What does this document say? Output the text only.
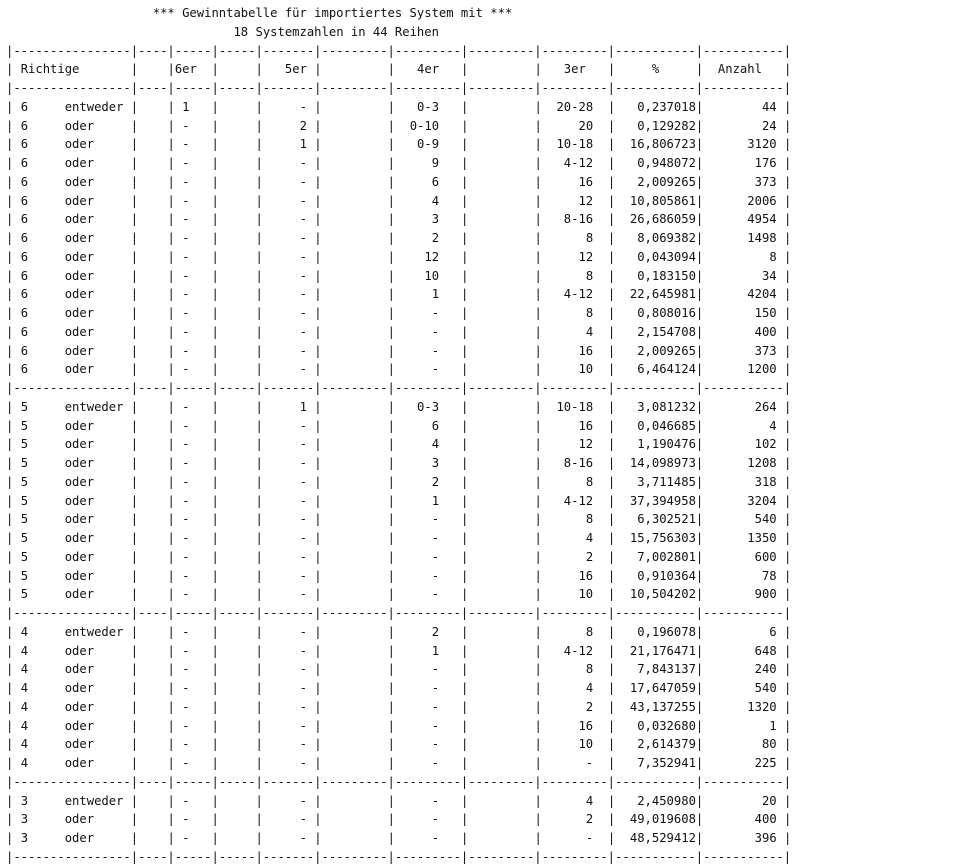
*** Gewinntabelle für importiertes System mit ***
18 Systemzahlen in 44 Reihen
|----------------|----|-----|-----|-------|---------|---------|---------|---------|-----------|-----------|
| Richtige	| |6er |	| 5er |	| 4er |	| 3er |	%	| Anzahl |
|----------------|----|-----|-----|-------|---------|---------|---------|---------|-----------|-----------|
| 6	entweder | | 1 |	|	- |	| 0-3 |	| 20-28 | 0,237018|	44 |
| 6	oder	| | - |	|	2 |	| 0-10 |	|	20 | 0,129282|	24 |
| 6	oder	| | - |	|	1 |	| 0-9 |	| 10-18 | 16,806723|	3120 |
| 6	oder	| | - |	|	- |	|	9 |	| 4-12 | 0,948072|	176 |
| 6	oder	| | - |	|	- |	|	6 |	|	16 | 2,009265|	373 |
| 6	oder	| | - |	|	- |	|	4 |	|	12 | 10,805861|	2006 |
| 6	oder	| | - |	|	- |	|	3 |	| 8-16 | 26,686059|	4954 |
| 6	oder	| | - |	|	- |	|	2 |	|	8 | 8,069382|	1498 |
| 6	oder	| | - |	|	- |	| 12 |	|	12 | 0,043094|	8 |
| 6	oder	| | - |	|	- |	| 10 |	|	8 | 0,183150|	34 |
| 6	oder	| | - |	|	- |	|	1 |	| 4-12 | 22,645981|	4204 |
| 6	oder	| | - |	|	- |	|	- |	|	8 | 0,808016|	150 |
| 6	oder	| | - |	|	- |	|	- |	|	4 | 2,154708|	400 |
| 6	oder	| | - |	|	- |	|	- |	|	16 | 2,009265|	373 |
| 6	oder	| | - |	|	- |	|	- |	|	10 | 6,464124|	1200 |
|----------------|----|-----|-----|-------|---------|---------|---------|---------|-----------|-----------|
| 5	entweder | | - |	|	1 |	| 0-3 |	| 10-18 | 3,081232|	264 |
| 5	oder	| | - |	|	- |	|	6 |	|	16 | 0,046685|	4 |
| 5	oder	| | - |	|	- |	|	4 |	|	12 | 1,190476|	102 |
| 5	oder	| | - |	|	- |	|	3 |	| 8-16 | 14,098973|	1208 |
| 5	oder	| | - |	|	- |	|	2 |	|	8 | 3,711485|	318 |
| 5	oder	| | - |	|	- |	|	1 |	| 4-12 | 37,394958|	3204 |
| 5	oder	| | - |	|	- |	|	- |	|	8 | 6,302521|	540 |
| 5	oder	| | - |	|	- |	|	- |	|	4 | 15,756303|	1350 |
| 5	oder	| | - |	|	- |	|	- |	|	2 | 7,002801|	600 |
| 5	oder	| | - |	|	- |	|	- |	|	16 | 0,910364|	78 |
| 5	oder	| | - |	|	- |	|	- |	|	10 | 10,504202|	900 |
|----------------|----|-----|-----|-------|---------|---------|---------|---------|-----------|-----------|
| 4	entweder | | - |	|	- |	|	2 |	|	8 | 0,196078|	6 |
| 4	oder	| | - |	|	- |	|	1 |	| 4-12 | 21,176471|	648 |
| 4	oder	| | - |	|	- |	|	- |	|	8 | 7,843137|	240 |
| 4	oder	| | - |	|	- |	|	- |	|	4 | 17,647059|	540 |
| 4	oder	| | - |	|	- |	|	- |	|	2 | 43,137255|	1320 |
| 4	oder	| | - |	|	- |	|	- |	|	16 | 0,032680|	1 |
| 4	oder	| | - |	|	- |	|	- |	|	10 | 2,614379|	80 |
| 4	oder	| | - |	|	- |	|	- |	|	- | 7,352941|	225 |
|----------------|----|-----|-----|-------|---------|---------|---------|---------|-----------|-----------|
| 3	entweder | | - |	|	- |	|	- |	|	4 | 2,450980|	20 |
| 3	oder	| | - |	|	- |	|	- |	|	2 | 49,019608|	400 |
| 3	oder	| | - |	|	- |	|	- |	|	- | 48,529412|	396 |
|----------------|----|-----|-----|-------|---------|---------|---------|---------|-----------|-----------|
